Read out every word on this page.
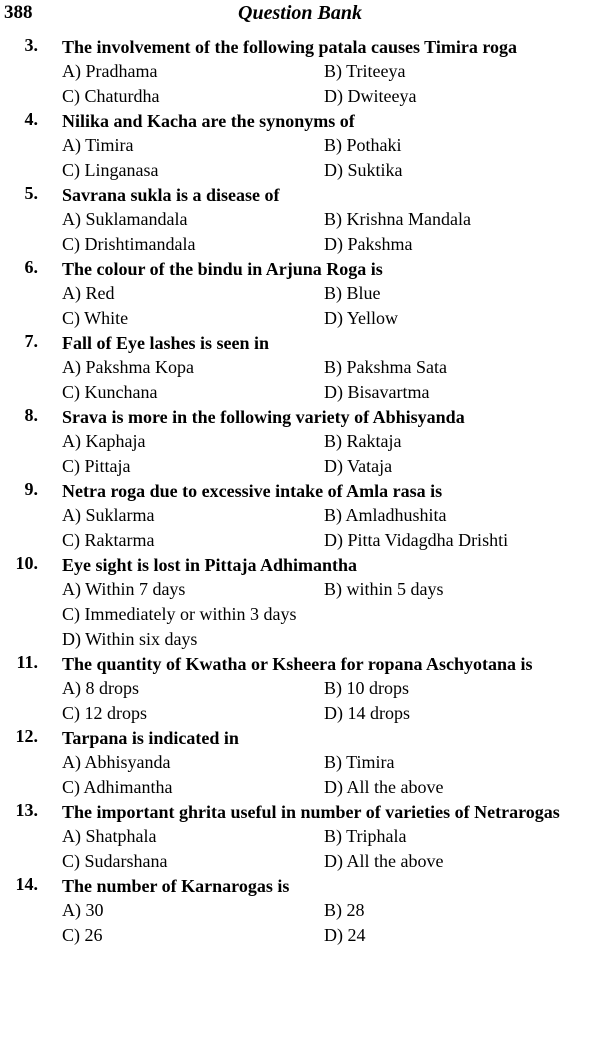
388	Question Bank
3. The involvement of the following patala causes Timira roga
A) Pradhama	B) Triteeya
C) Chaturdha	D) Dwiteeya
4. Nilika and Kacha are the synonyms of
A) Timira	B) Pothaki
C) Linganasa	D) Suktika
5. Savrana sukla is a disease of
A) Suklamandala	B) Krishna Mandala
C) Drishtimandala	D) Pakshma
6. The colour of the bindu in Arjuna Roga is
A) Red	B) Blue
C) White	D) Yellow
7. Fall of Eye lashes is seen in
A) Pakshma Kopa	B) Pakshma Sata
C) Kunchana	D) Bisavartma
8. Srava is more in the following variety of Abhisyanda
A) Kaphaja	B) Raktaja
C) Pittaja	D) Vataja
9. Netra roga due to excessive intake of Amla rasa is
A) Suklarma	B) Amladhushita
C) Raktarma	D) Pitta Vidagdha Drishti
10. Eye sight is lost in Pittaja Adhimantha
A) Within 7 days	B) within 5 days
C) Immediately or within 3 days
D) Within six days
11. The quantity of Kwatha or Ksheera for ropana Aschyotana is
A) 8 drops	B) 10 drops
C) 12 drops	D) 14 drops
12. Tarpana is indicated in
A) Abhisyanda	B) Timira
C) Adhimantha	D) All the above
13. The important ghrita useful in number of varieties of Netrarogas
A) Shatphala	B) Triphala
C) Sudarshana	D) All the above
14. The number of Karnarogas is
A) 30	B) 28
C) 26	D) 24
